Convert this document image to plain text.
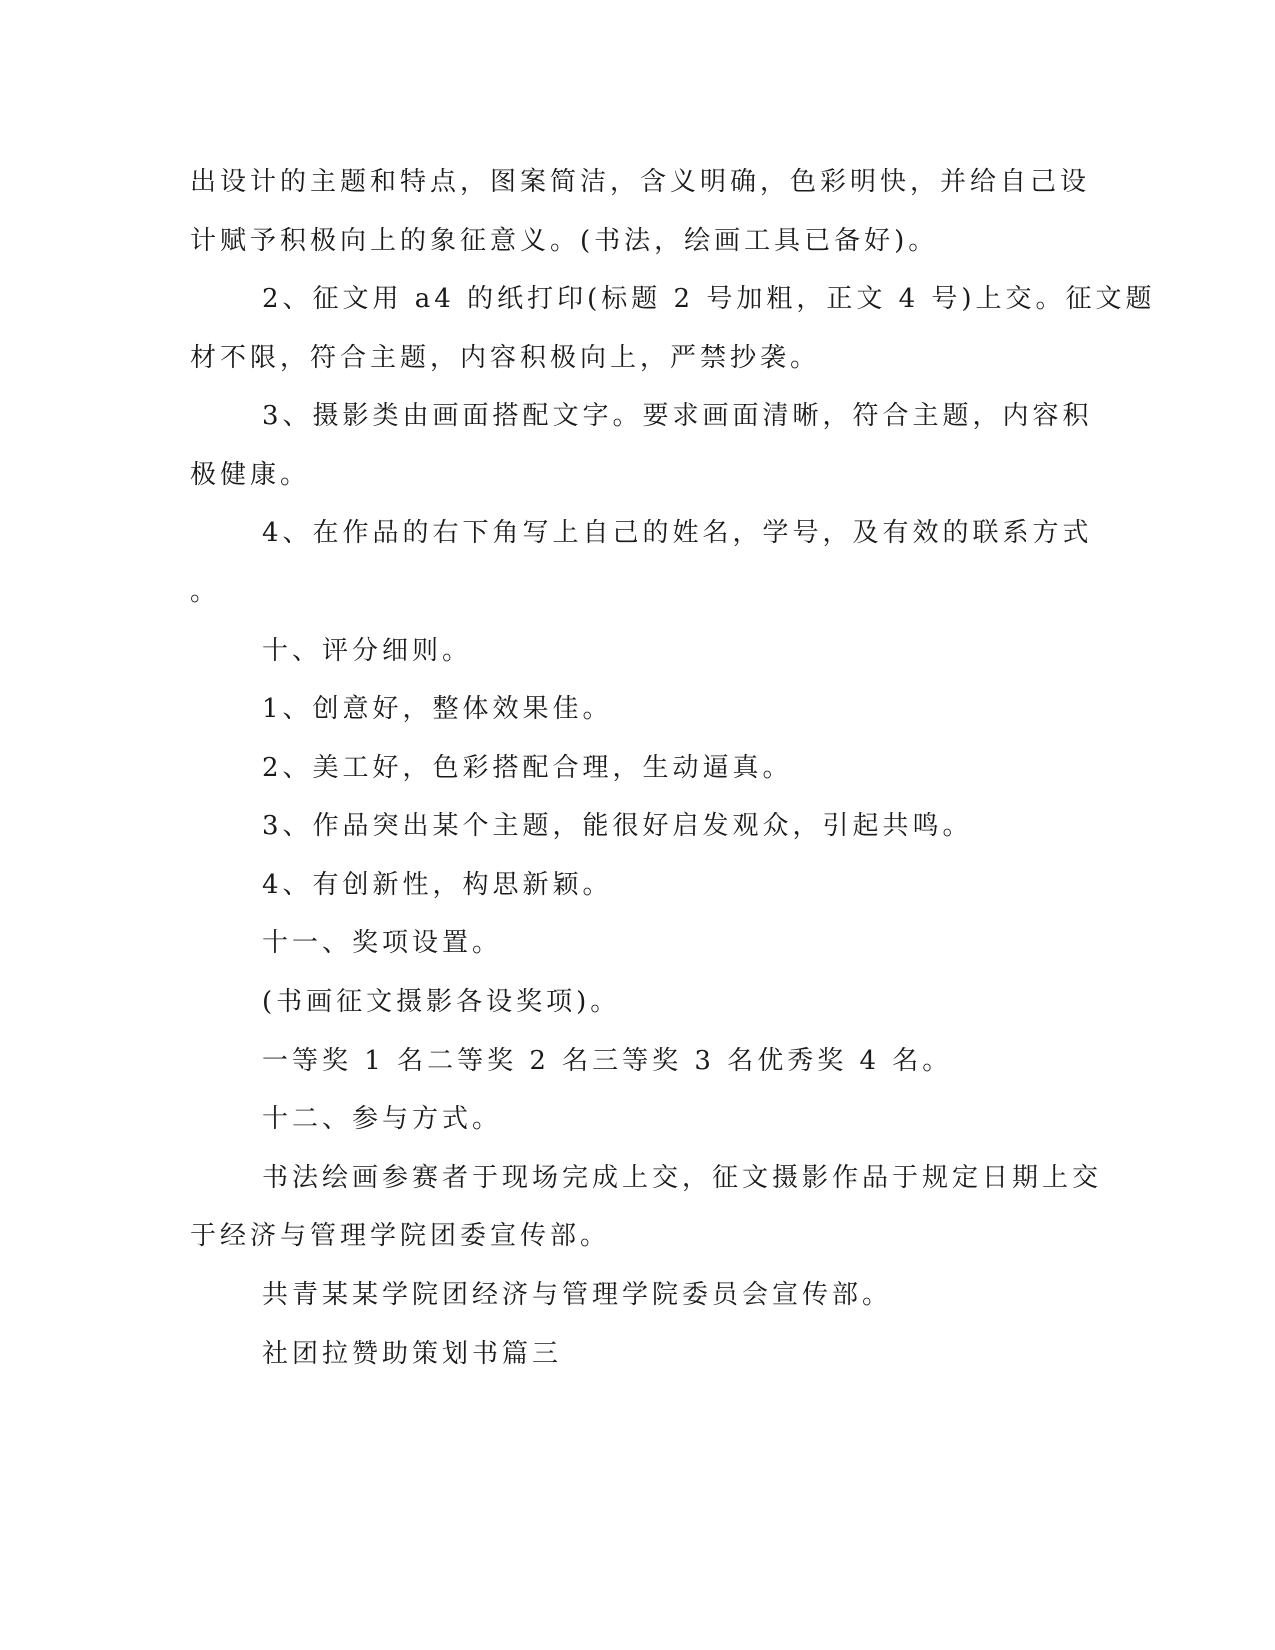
出设计的主题和特点，图案简洁，含义明确，色彩明快，并给自己设
计赋予积极向上的象征意义。(书法，绘画工具已备好)。
2、征文用 a4 的纸打印(标题 2 号加粗，正文 4 号)上交。征文题
材不限，符合主题，内容积极向上，严禁抄袭。
3、摄影类由画面搭配文字。要求画面清晰，符合主题，内容积
极健康。
4、在作品的右下角写上自己的姓名，学号，及有效的联系方式
。
十、评分细则。
1、创意好，整体效果佳。
2、美工好，色彩搭配合理，生动逼真。
3、作品突出某个主题，能很好启发观众，引起共鸣。
4、有创新性，构思新颖。
十一、奖项设置。
(书画征文摄影各设奖项)。
一等奖 1 名二等奖 2 名三等奖 3 名优秀奖 4 名。
十二、参与方式。
书法绘画参赛者于现场完成上交，征文摄影作品于规定日期上交
于经济与管理学院团委宣传部。
共青某某学院团经济与管理学院委员会宣传部。
社团拉赞助策划书篇三
